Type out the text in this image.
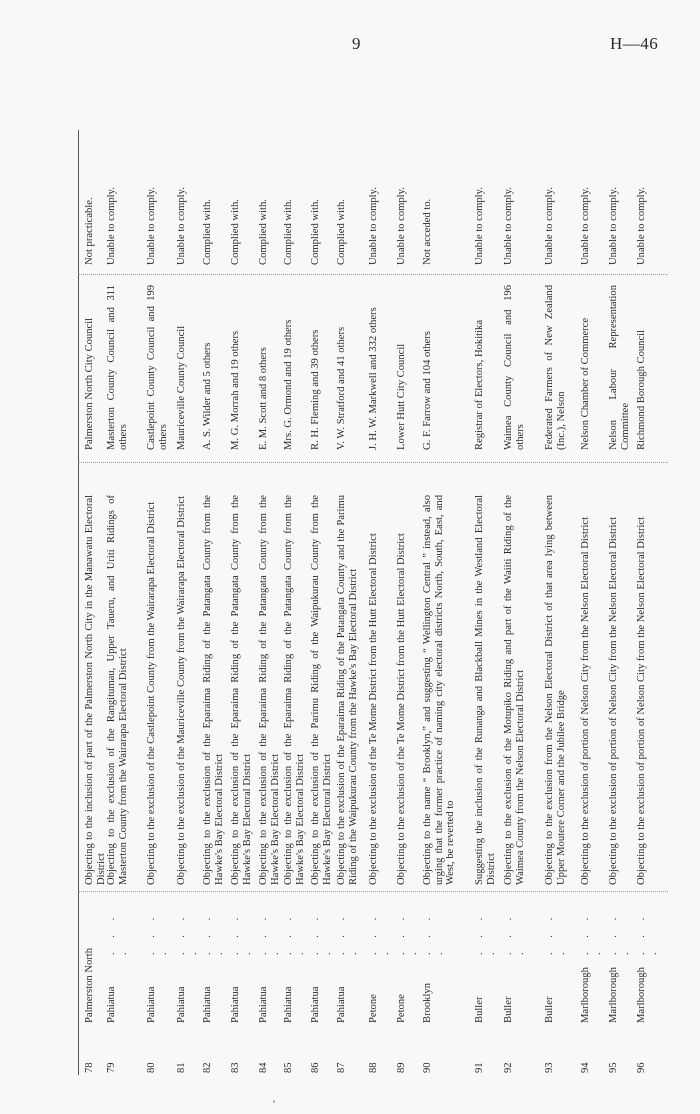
9	H—46
78
Palmerston North
Objecting to the inclusion of part of the Palmerston North City in the Manawatu Electoral District
Palmerston North City Council
Not practicable.
79
Pahiatua
. . . .
Objecting to the exclusion of the Rangitumau, Upper Taueru, and Uriti Ridings of Masterton County from the Wairarapa Electoral District
Masterton County Council and 311 others
Unable to comply.
80
Pahiatua
. . . .
Objecting to the exclusion of the Castlepoint County from the Wairarapa Electoral District
Castlepoint County Council and 199 others
Unable to comply.
81
Pahiatua
. . . .
Objecting to the exclusion of the Mauriceville County from the Wairarapa Electoral District
Mauriceville County Council
Unable to comply.
82
Pahiatua
. . . .
Objecting to the exclusion of the Eparaima Riding of the Patangata County from the Hawke's Bay Electoral District
A. S. Wilder and 5 others
Complied with.
83
Pahiatua
. . . .
Objecting to the exclusion of the Eparaima Riding of the Patangata County from the Hawke's Bay Electoral District
M. G. Morrah and 19 others
Complied with.
84
Pahiatua
. . . .
Objecting to the exclusion of the Eparaima Riding of the Patangata County from the Hawke's Bay Electoral District
E. M. Scott and 8 others
Complied with.
85
Pahiatua
. . . .
Objecting to the exclusion of the Eparaima Riding of the Patangata County from the Hawke's Bay Electoral District
Mrs. G. Ormond and 19 others
Complied with.
86
Pahiatua
. . . .
Objecting to the exclusion of the Parimu Riding of the Waipukurau County from the Hawke's Bay Electoral District
R. H. Fleming and 39 others
Complied with.
87
Pahiatua
. . . .
Objecting to the exclusion of the Eparaima Riding of the Patangata County and the Parimu Riding of the Waipukurau County from the Hawke's Bay Electoral District
V. W. Stratford and 41 others
Complied with.
88
Petone
. . . .
Objecting to the exclusion of the Te Mome District from the Hutt Electoral District
J. H. W. Markwell and 332 others
Unable to comply.
89
Petone
. . . .
Objecting to the exclusion of the Te Mome District from the Hutt Electoral District
Lower Hutt City Council
Unable to comply.
90
Brooklyn
. . . .
Objecting to the name “ Brooklyn,” and suggesting “ Wellington Central ” instead, also urging that the former practice of naming city electoral districts North, South, East, and West, be reverted to
G. F. Farrow and 104 others
Not acceded to.
91
Buller
. . . .
Suggesting the inclusion of the Runanga and Blackball Mines in the Westland Electoral District
Registrar of Electors, Hokitika
Unable to comply.
92
Buller
. . . .
Objecting to the exclusion of the Motupiko Riding and part of the Waiiti Riding of the Waimea County from the Nelson Electoral District
Waimea County Council and 196 others
Unable to comply.
93
Buller
. . . .
Objecting to the exclusion from the Nelson Electoral District of that area lying between Upper Moutere Corner and the Jubilee Bridge
Federated Farmers of New Zealand (Inc.), Nelson
Unable to comply.
94
Marlborough
. . . .
Objecting to the exclusion of portion of Nelson City from the Nelson Electoral District
Nelson Chamber of Commerce
Unable to comply.
95
Marlborough
. . . .
Objecting to the exclusion of portion of Nelson City from the Nelson Electoral District
Nelson Labour Representation Committee
Unable to comply.
96
Marlborough
. . . .
Objecting to the exclusion of portion of Nelson City from the Nelson Electoral District
Richmond Borough Council
Unable to comply.
